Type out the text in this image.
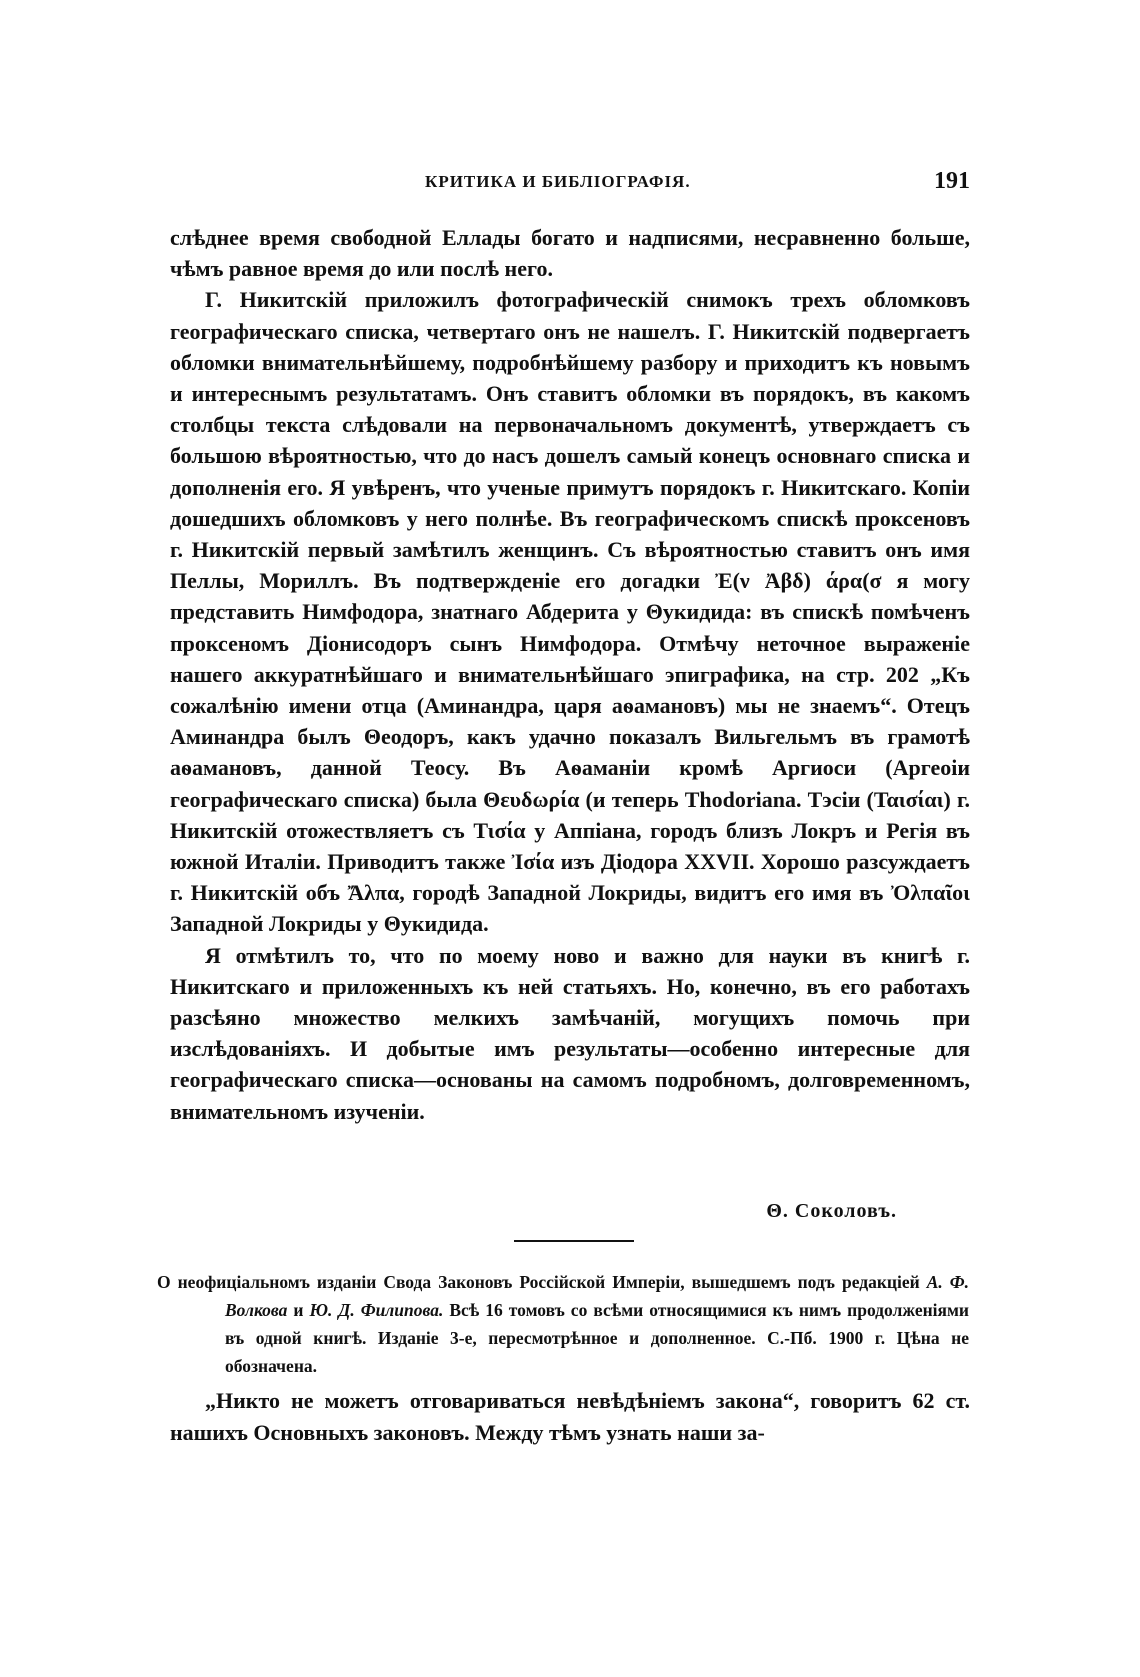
КРИТИКА И БИБЛІОГРАФІЯ.	191

слѣднее время свободной Еллады богато и надписями, несравненно больше, чѣмъ равное время до или послѣ него.

Г. Никитскій приложилъ фотографическій снимокъ трехъ обломковъ географическаго списка, четвертаго онъ не нашелъ. Г. Никитскій подвергаетъ обломки внимательнѣйшему, подробнѣйшему разбору и приходитъ къ новымъ и интереснымъ результатамъ. Онъ ставитъ обломки въ порядокъ, въ какомъ столбцы текста слѣдовали на первоначальномъ документѣ, утверждаетъ съ большою вѣроятностью, что до насъ дошелъ самый конецъ основнаго списка и дополненія его. Я увѣренъ, что ученые примутъ порядокъ г. Никитскаго. Копіи дошедшихъ обломковъ у него полнѣе. Въ географическомъ спискѣ проксеновъ г. Никитскій первый замѣтилъ женщинъ. Съ вѣроятностью ставитъ онъ имя Пеллы, Мориллъ. Въ подтвержденіе его догадки Ἐ(ν Ἀβδ) άρα(σ я могу представить Нимфодора, знатнаго Абдерита у Θукидида: въ спискѣ помѣченъ проксеномъ Діонисодоръ сынъ Нимфодора. Отмѣчу неточное выраженіе нашего аккуратнѣйшаго и внимательнѣйшаго эпиграфика, на стр. 202 „Къ сожалѣнію имени отца (Аминандра, царя аѳамановъ) мы не знаемъ“. Отецъ Аминандра былъ Θеодоръ, какъ удачно показалъ Вильгельмъ въ грамотѣ аѳамановъ, данной Теосу. Въ Аѳаманіи кромѣ Аргиоси (Аргеоіи географическаго списка) была Θευδωρία (и теперь Thodoriana. Тэсіи (Ταισίαι) г. Никитскій отожествляетъ съ Τισία у Аппіана, городъ близъ Локръ и Регія въ южной Италіи. Приводитъ также Ἰσία изъ Діодора XXVII. Хорошо разсуждаетъ г. Никитскій объ Ἄλπα, городѣ Западной Локриды, видитъ его имя въ Ὀλπαῖοι Западной Локриды у Θукидида.

Я отмѣтилъ то, что по моему ново и важно для науки въ книгѣ г. Никитскаго и приложенныхъ къ ней статьяхъ. Но, конечно, въ его работахъ разсѣяно множество мелкихъ замѣчаній, могущихъ помочь при изслѣдованіяхъ. И добытые имъ результаты—особенно интересные для географическаго списка—основаны на самомъ подробномъ, долговременномъ, внимательномъ изученіи.

Θ. Соколовъ.
О неофиціальномъ изданіи Свода Законовъ Россійской Имперіи, вышедшемъ подъ редакціей А. Ф. Волкова и Ю. Д. Филипова. Всѣ 16 томовъ со всѣми относящимися къ нимъ продолженіями въ одной книгѣ. Изданіе 3-е, пересмотрѣнное и дополненное. С.-Пб. 1900 г. Цѣна не обозначена.

„Никто не можетъ отговариваться невѣдѣніемъ закона“, говоритъ 62 ст. нашихъ Основныхъ законовъ. Между тѣмъ узнать наши за-
